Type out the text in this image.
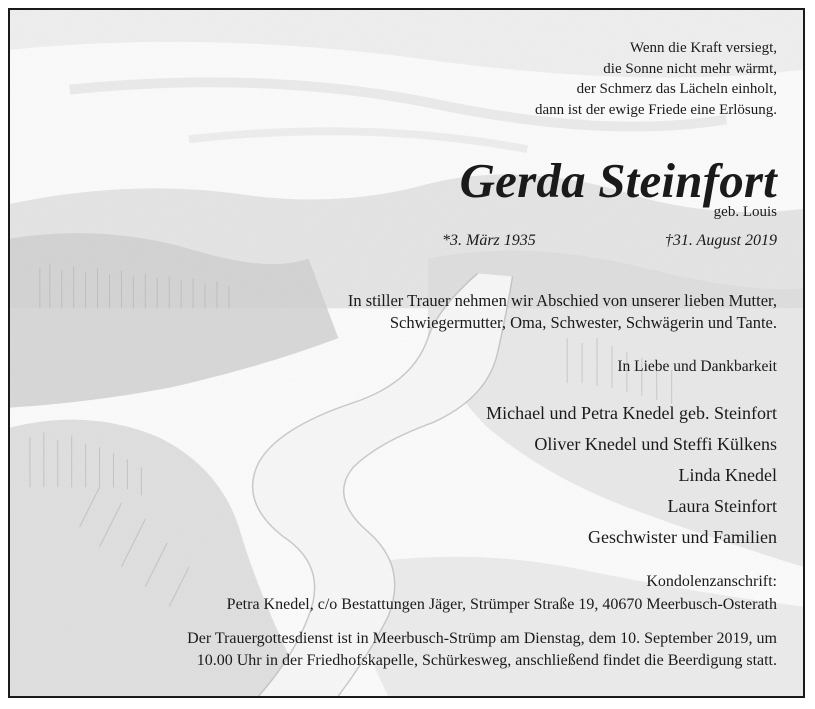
Wenn die Kraft versiegt,
die Sonne nicht mehr wärmt,
der Schmerz das Lächeln einholt,
dann ist der ewige Friede eine Erlösung.
Gerda Steinfort
geb. Louis
*3. März 1935	†31. August 2019
In stiller Trauer nehmen wir Abschied von unserer lieben Mutter,
Schwiegermutter, Oma, Schwester, Schwägerin und Tante.
In Liebe und Dankbarkeit
Michael und Petra Knedel geb. Steinfort
Oliver Knedel und Steffi Külkens
Linda Knedel
Laura Steinfort
Geschwister und Familien
Kondolenzanschrift:
Petra Knedel, c/o Bestattungen Jäger, Strümper Straße 19, 40670 Meerbusch-Osterath
Der Trauergottesdienst ist in Meerbusch-Strümp am Dienstag, dem 10. September 2019, um
10.00 Uhr in der Friedhofskapelle, Schürkesweg, anschließend findet die Beerdigung statt.
